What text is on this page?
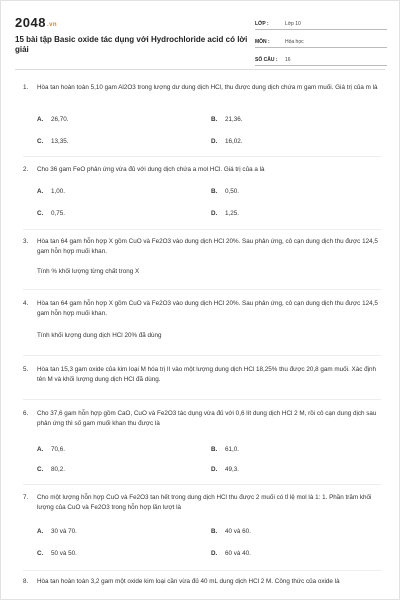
2048.vn
15 bài tập Basic oxide tác dụng với Hydrochloride acid có lời giải
LỚP :	Lớp 10
MÔN :	Hóa học
SỐ CÂU :	16
1. Hòa tan hoàn toàn 5,10 gam Al2O3 trong lượng dư dung dịch HCl, thu được dung dịch chứa m gam muối. Giá trị của m là
A. 26,70.	B. 21,36.
C. 13,35.	D. 16,02.
2. Cho 36 gam FeO phản ứng vừa đủ với dung dịch chứa a mol HCl. Giá trị của a là
A. 1,00.	B. 0,50.
C. 0,75.	D. 1,25.
3. Hòa tan 64 gam hỗn hợp X gồm CuO và Fe2O3 vào dung dịch HCl 20%. Sau phản ứng, cô cạn dung dịch thu được 124,5 gam hỗn hợp muối khan.
Tính % khối lượng từng chất trong X
4. Hòa tan 64 gam hỗn hợp X gồm CuO và Fe2O3 vào dung dịch HCl 20%. Sau phản ứng, cô cạn dung dịch thu được 124,5 gam hỗn hợp muối khan.
Tính khối lượng dung dịch HCl 20% đã dùng
5. Hòa tan 15,3 gam oxide của kim loại M hóa trị II vào một lượng dung dịch HCl 18,25% thu được 20,8 gam muối. Xác định tên M và khối lượng dung dịch HCl đã dùng.
6. Cho 37,6 gam hỗn hợp gồm CaO, CuO và Fe2O3 tác dụng vừa đủ với 0,6 lít dung dịch HCl 2 M, rồi cô cạn dung dịch sau phản ứng thì số gam muối khan thu được là
A. 70,6.	B. 61,0.
C. 80,2.	D. 49,3.
7. Cho một lượng hỗn hợp CuO và Fe2O3 tan hết trong dung dịch HCl thu được 2 muối có tỉ lệ mol là 1: 1. Phần trăm khối lượng của CuO và Fe2O3 trong hỗn hợp lần lượt là
A. 30 và 70.	B. 40 và 60.
C. 50 và 50.	D. 60 và 40.
8. Hòa tan hoàn toàn 3,2 gam một oxide kim loại cần vừa đủ 40 mL dung dịch HCl 2 M. Công thức của oxide là
